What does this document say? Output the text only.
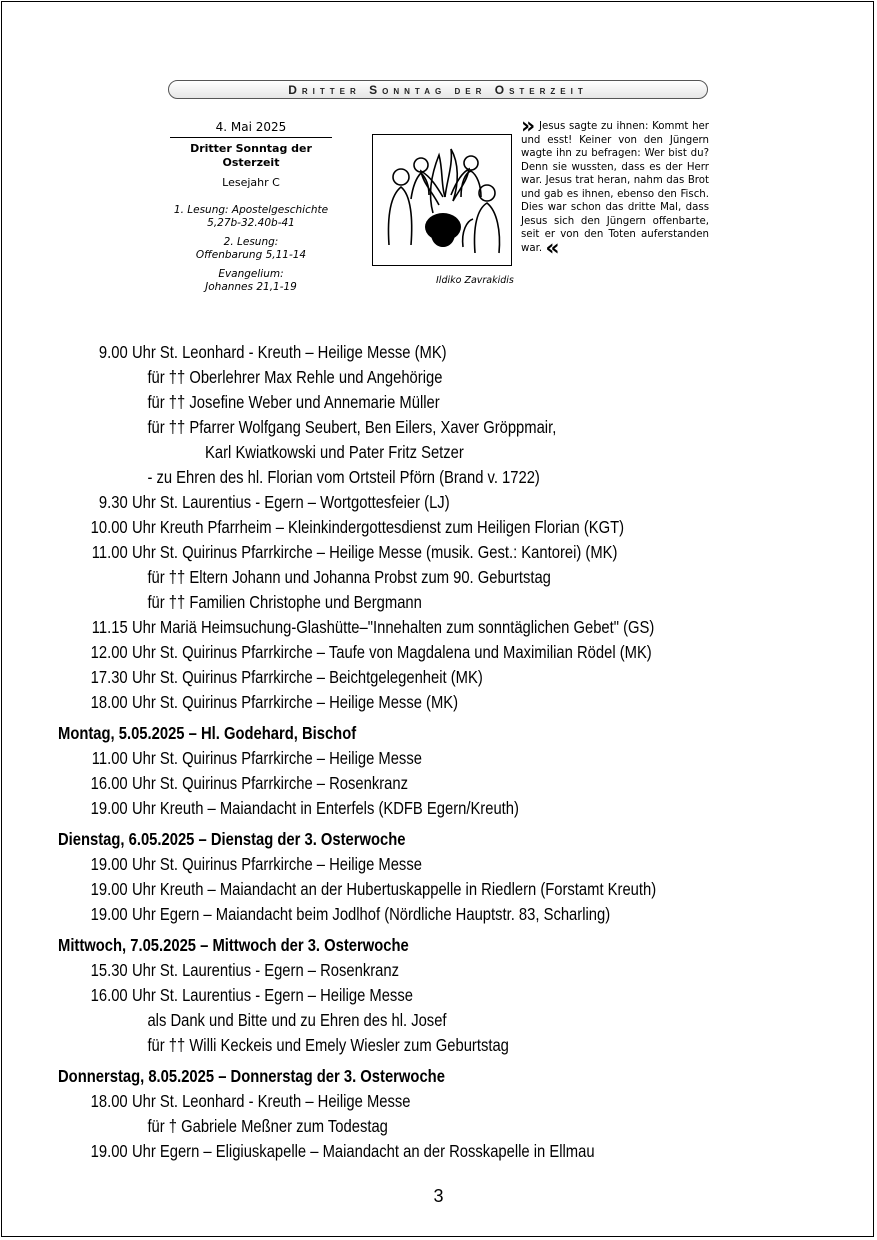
Dritter Sonntag der Osterzeit
4. Mai 2025
Dritter Sonntag der Osterzeit
Lesejahr C
1. Lesung: Apostelgeschichte
5,27b-32.40b-41
2. Lesung:
Offenbarung 5,11-14
Evangelium:
Johannes 21,1-19
Ildiko Zavrakidis
» Jesus sagte zu ihnen: Kommt her und esst! Keiner von den Jüngern wagte ihn zu befragen: Wer bist du? Denn sie wussten, dass es der Herr war. Jesus trat heran, nahm das Brot und gab es ihnen, ebenso den Fisch. Dies war schon das dritte Mal, dass Jesus sich den Jüngern offenbarte, seit er von den Toten auferstanden war. «
9.00 Uhr St. Leonhard - Kreuth – Heilige Messe (MK)
für †† Oberlehrer Max Rehle und Angehörige
für †† Josefine Weber und Annemarie Müller
für †† Pfarrer Wolfgang Seubert, Ben Eilers, Xaver Gröppmair,
Karl Kwiatkowski und Pater Fritz Setzer
- zu Ehren des hl. Florian vom Ortsteil Pförn (Brand v. 1722)
9.30 Uhr St. Laurentius - Egern – Wortgottesfeier (LJ)
10.00 Uhr Kreuth Pfarrheim – Kleinkindergottesdienst zum Heiligen Florian (KGT)
11.00 Uhr St. Quirinus Pfarrkirche – Heilige Messe (musik. Gest.: Kantorei) (MK)
für †† Eltern Johann und Johanna Probst zum 90. Geburtstag
für †† Familien Christophe und Bergmann
11.15 Uhr Mariä Heimsuchung-Glashütte–"Innehalten zum sonntäglichen Gebet" (GS)
12.00 Uhr St. Quirinus Pfarrkirche – Taufe von Magdalena und Maximilian Rödel (MK)
17.30 Uhr St. Quirinus Pfarrkirche – Beichtgelegenheit (MK)
18.00 Uhr St. Quirinus Pfarrkirche – Heilige Messe (MK)
Montag, 5.05.2025 – Hl. Godehard, Bischof
11.00 Uhr St. Quirinus Pfarrkirche – Heilige Messe
16.00 Uhr St. Quirinus Pfarrkirche – Rosenkranz
19.00 Uhr Kreuth – Maiandacht in Enterfels (KDFB Egern/Kreuth)
Dienstag, 6.05.2025 – Dienstag der 3. Osterwoche
19.00 Uhr St. Quirinus Pfarrkirche – Heilige Messe
19.00 Uhr Kreuth – Maiandacht an der Hubertuskappelle in Riedlern (Forstamt Kreuth)
19.00 Uhr Egern – Maiandacht beim Jodlhof (Nördliche Hauptstr. 83, Scharling)
Mittwoch, 7.05.2025 – Mittwoch der 3. Osterwoche
15.30 Uhr St. Laurentius - Egern – Rosenkranz
16.00 Uhr St. Laurentius - Egern – Heilige Messe
als Dank und Bitte und zu Ehren des hl. Josef
für †† Willi Keckeis und Emely Wiesler zum Geburtstag
Donnerstag, 8.05.2025 – Donnerstag der 3. Osterwoche
18.00 Uhr St. Leonhard - Kreuth – Heilige Messe
für † Gabriele Meßner zum Todestag
19.00 Uhr Egern – Eligiuskapelle – Maiandacht an der Rosskapelle in Ellmau
3
